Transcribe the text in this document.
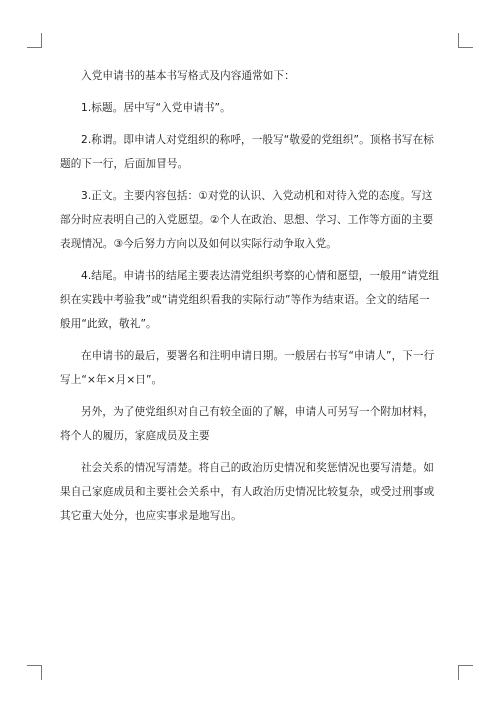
入党申请书的基本书写格式及内容通常如下：

1.标题。居中写“入党申请书”。

2.称谓。即申请人对党组织的称呼，一般写“敬爱的党组织”。顶格书写在标题的下一行，后面加冒号。

3.正文。主要内容包括：①对党的认识、入党动机和对待入党的态度。写这部分时应表明自己的入党愿望。②个人在政治、思想、学习、工作等方面的主要表现情况。③今后努力方向以及如何以实际行动争取入党。

4.结尾。申请书的结尾主要表达清党组织考察的心情和愿望，一般用“请党组织在实践中考验我”或“请党组织看我的实际行动”等作为结束语。全文的结尾一般用“此致，敬礼”。

在申请书的最后，要署名和注明申请日期。一般居右书写“申请人”，下一行写上“×年×月×日”。

另外，为了使党组织对自己有较全面的了解，申请人可另写一个附加材料，将个人的履历，家庭成员及主要

社会关系的情况写清楚。将自己的政治历史情况和奖惩情况也要写清楚。如果自己家庭成员和主要社会关系中，有人政治历史情况比较复杂，或受过刑事或其它重大处分，也应实事求是地写出。
